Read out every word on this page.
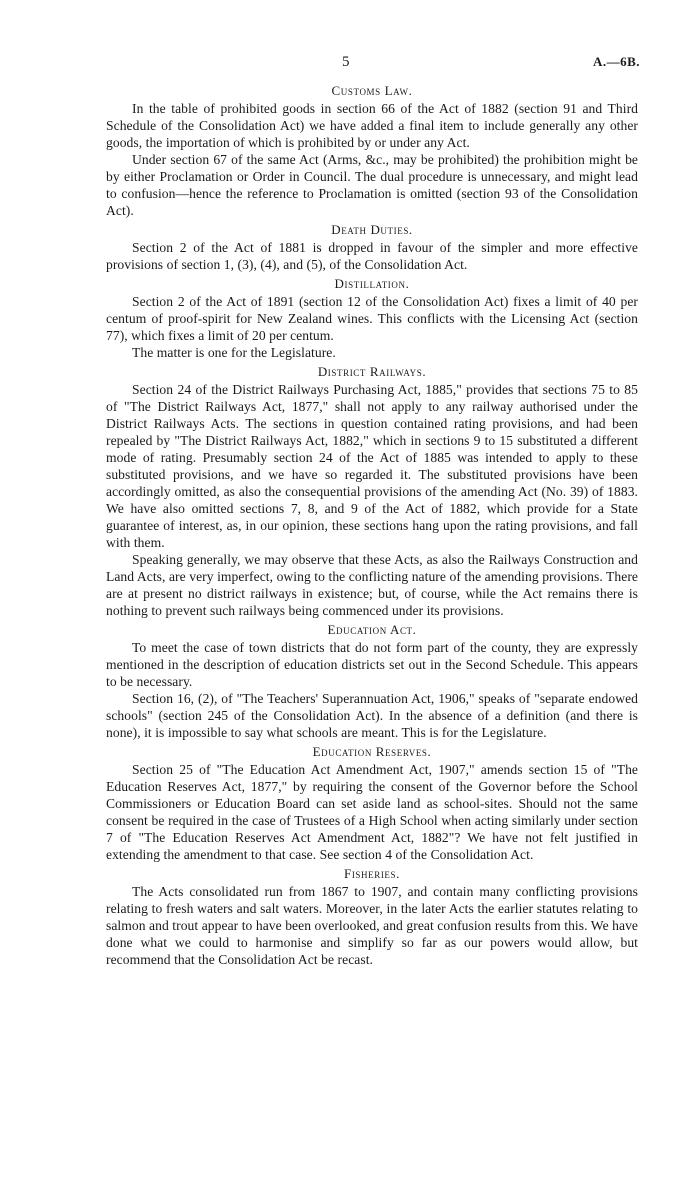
5	A.—6B.
Customs Law.

In the table of prohibited goods in section 66 of the Act of 1882 (section 91 and Third Schedule of the Consolidation Act) we have added a final item to include generally any other goods, the importation of which is prohibited by or under any Act.

Under section 67 of the same Act (Arms, &c., may be prohibited) the prohibition might be by either Proclamation or Order in Council. The dual procedure is unnecessary, and might lead to confusion—hence the reference to Proclamation is omitted (section 93 of the Consolidation Act).

Death Duties.

Section 2 of the Act of 1881 is dropped in favour of the simpler and more effective provisions of section 1, (3), (4), and (5), of the Consolidation Act.

Distillation.

Section 2 of the Act of 1891 (section 12 of the Consolidation Act) fixes a limit of 40 per centum of proof-spirit for New Zealand wines. This conflicts with the Licensing Act (section 77), which fixes a limit of 20 per centum.

The matter is one for the Legislature.

District Railways.

Section 24 of the District Railways Purchasing Act, 1885," provides that sections 75 to 85 of "The District Railways Act, 1877," shall not apply to any railway authorised under the District Railways Acts. The sections in question contained rating provisions, and had been repealed by "The District Railways Act, 1882," which in sections 9 to 15 substituted a different mode of rating. Presumably section 24 of the Act of 1885 was intended to apply to these substituted provisions, and we have so regarded it. The substituted provisions have been accordingly omitted, as also the consequential provisions of the amending Act (No. 39) of 1883. We have also omitted sections 7, 8, and 9 of the Act of 1882, which provide for a State guarantee of interest, as, in our opinion, these sections hang upon the rating provisions, and fall with them.

Speaking generally, we may observe that these Acts, as also the Railways Construction and Land Acts, are very imperfect, owing to the conflicting nature of the amending provisions. There are at present no district railways in existence; but, of course, while the Act remains there is nothing to prevent such railways being commenced under its provisions.

Education Act.

To meet the case of town districts that do not form part of the county, they are expressly mentioned in the description of education districts set out in the Second Schedule. This appears to be necessary.

Section 16, (2), of "The Teachers' Superannuation Act, 1906," speaks of "separate endowed schools" (section 245 of the Consolidation Act). In the absence of a definition (and there is none), it is impossible to say what schools are meant. This is for the Legislature.

Education Reserves.

Section 25 of "The Education Act Amendment Act, 1907," amends section 15 of "The Education Reserves Act, 1877," by requiring the consent of the Governor before the School Commissioners or Education Board can set aside land as school-sites. Should not the same consent be required in the case of Trustees of a High School when acting similarly under section 7 of "The Education Reserves Act Amendment Act, 1882"? We have not felt justified in extending the amendment to that case. See section 4 of the Consolidation Act.

Fisheries.

The Acts consolidated run from 1867 to 1907, and contain many conflicting provisions relating to fresh waters and salt waters. Moreover, in the later Acts the earlier statutes relating to salmon and trout appear to have been overlooked, and great confusion results from this. We have done what we could to harmonise and simplify so far as our powers would allow, but recommend that the Consolidation Act be recast.
